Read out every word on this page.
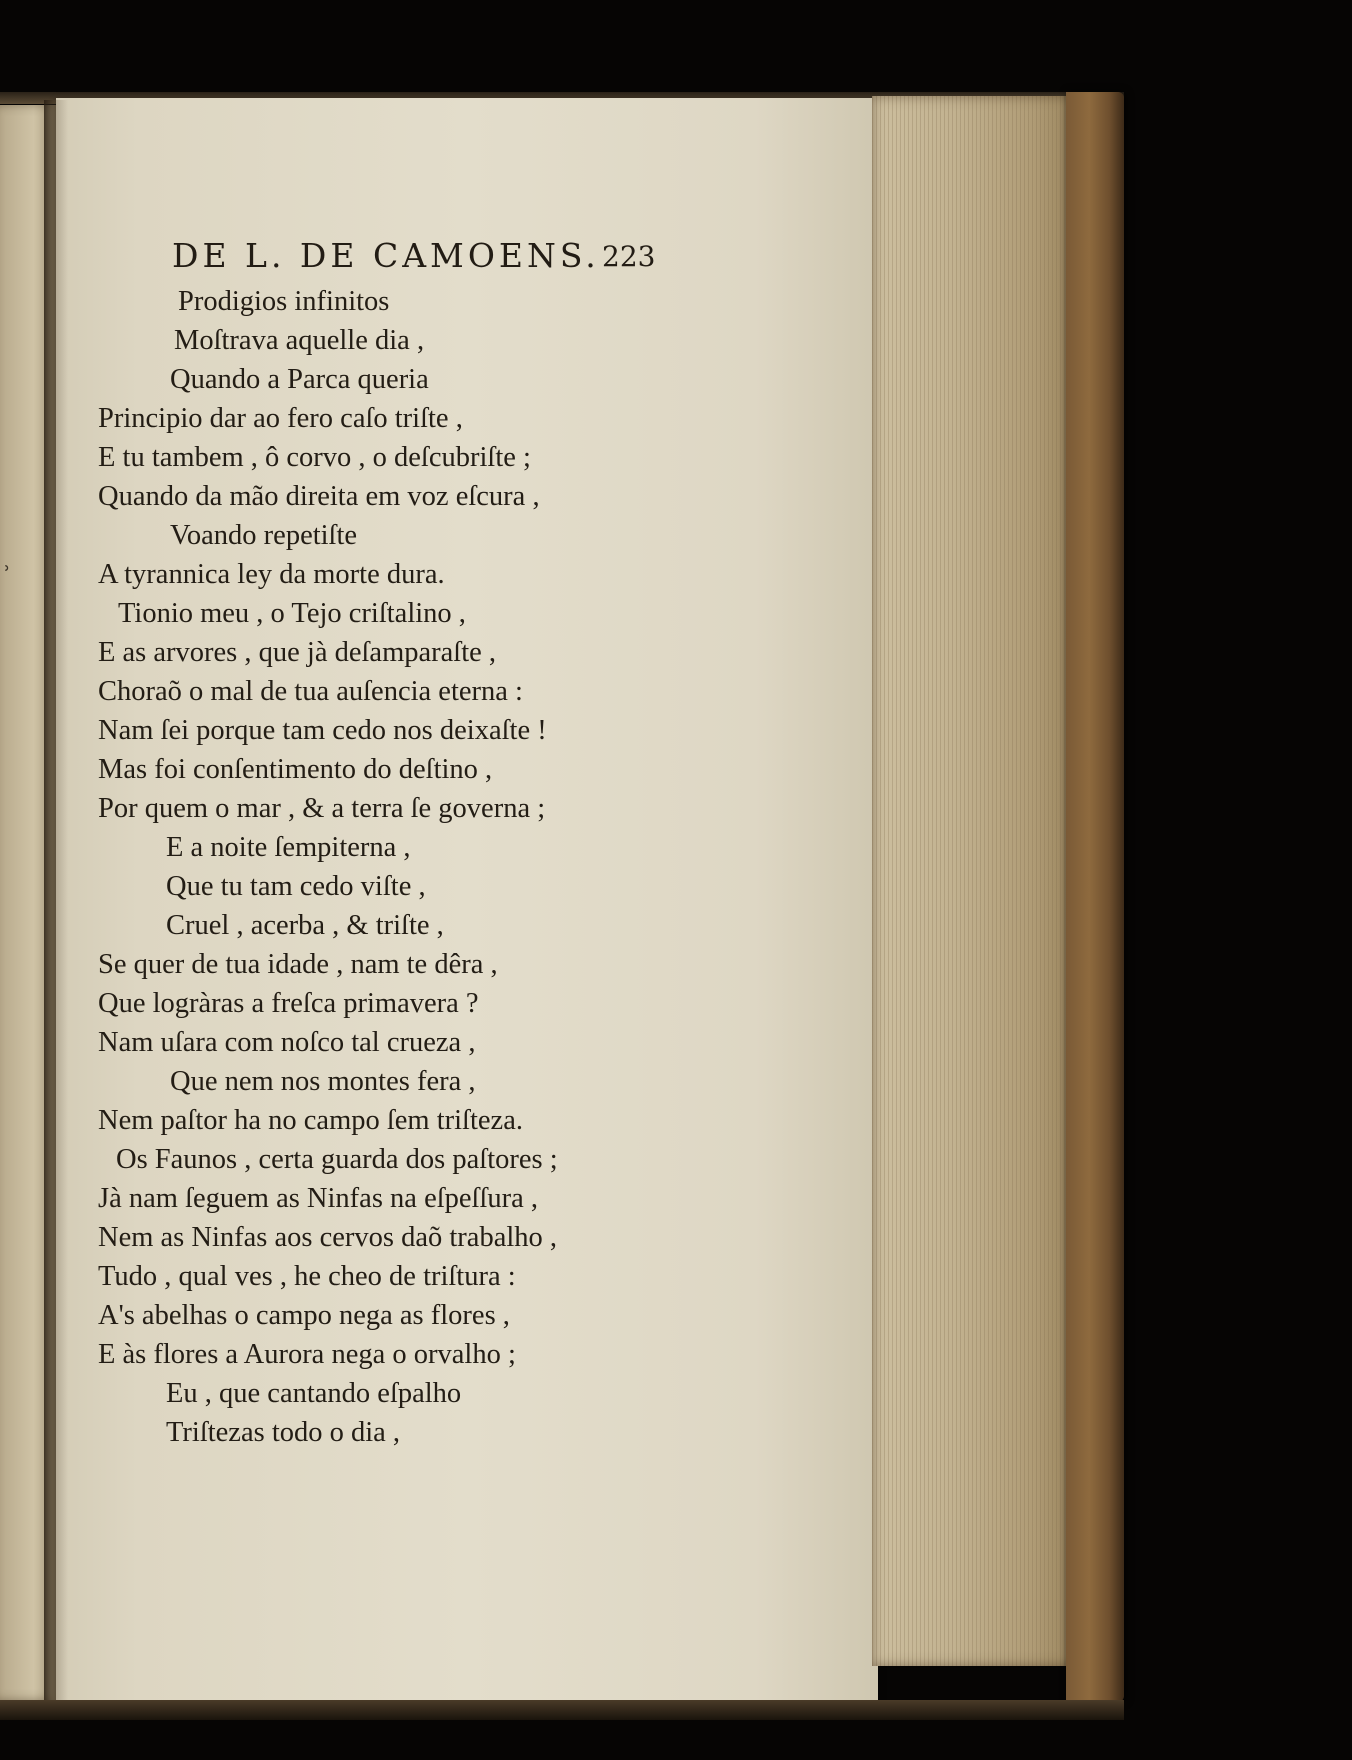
ʾ
DE L. DE CAMOENS. 223
Prodigios infinitos
Moſtrava aquelle dia ,
Quando a Parca queria
Principio dar ao fero caſo triſte ,
E tu tambem , ô corvo , o deſcubriſte ;
Quando da mão direita em voz eſcura ,
Voando repetiſte
A tyrannica ley da morte dura.
Tionio meu , o Tejo criſtalino ,
E as arvores , que jà deſamparaſte ,
Choraõ o mal de tua auſencia eterna :
Nam ſei porque tam cedo nos deixaſte !
Mas foi conſentimento do deſtino ,
Por quem o mar , & a terra ſe governa ;
E a noite ſempiterna ,
Que tu tam cedo viſte ,
Cruel , acerba , & triſte ,
Se quer de tua idade , nam te dêra ,
Que logràras a freſca primavera ?
Nam uſara com noſco tal crueza ,
Que nem nos montes fera ,
Nem paſtor ha no campo ſem triſteza.
Os Faunos , certa guarda dos paſtores ;
Jà nam ſeguem as Ninfas na eſpeſſura ,
Nem as Ninfas aos cervos daõ trabalho ,
Tudo , qual ves , he cheo de triſtura :
A's abelhas o campo nega as flores ,
E às flores a Aurora nega o orvalho ;
Eu , que cantando eſpalho
Triſtezas todo o dia ,
